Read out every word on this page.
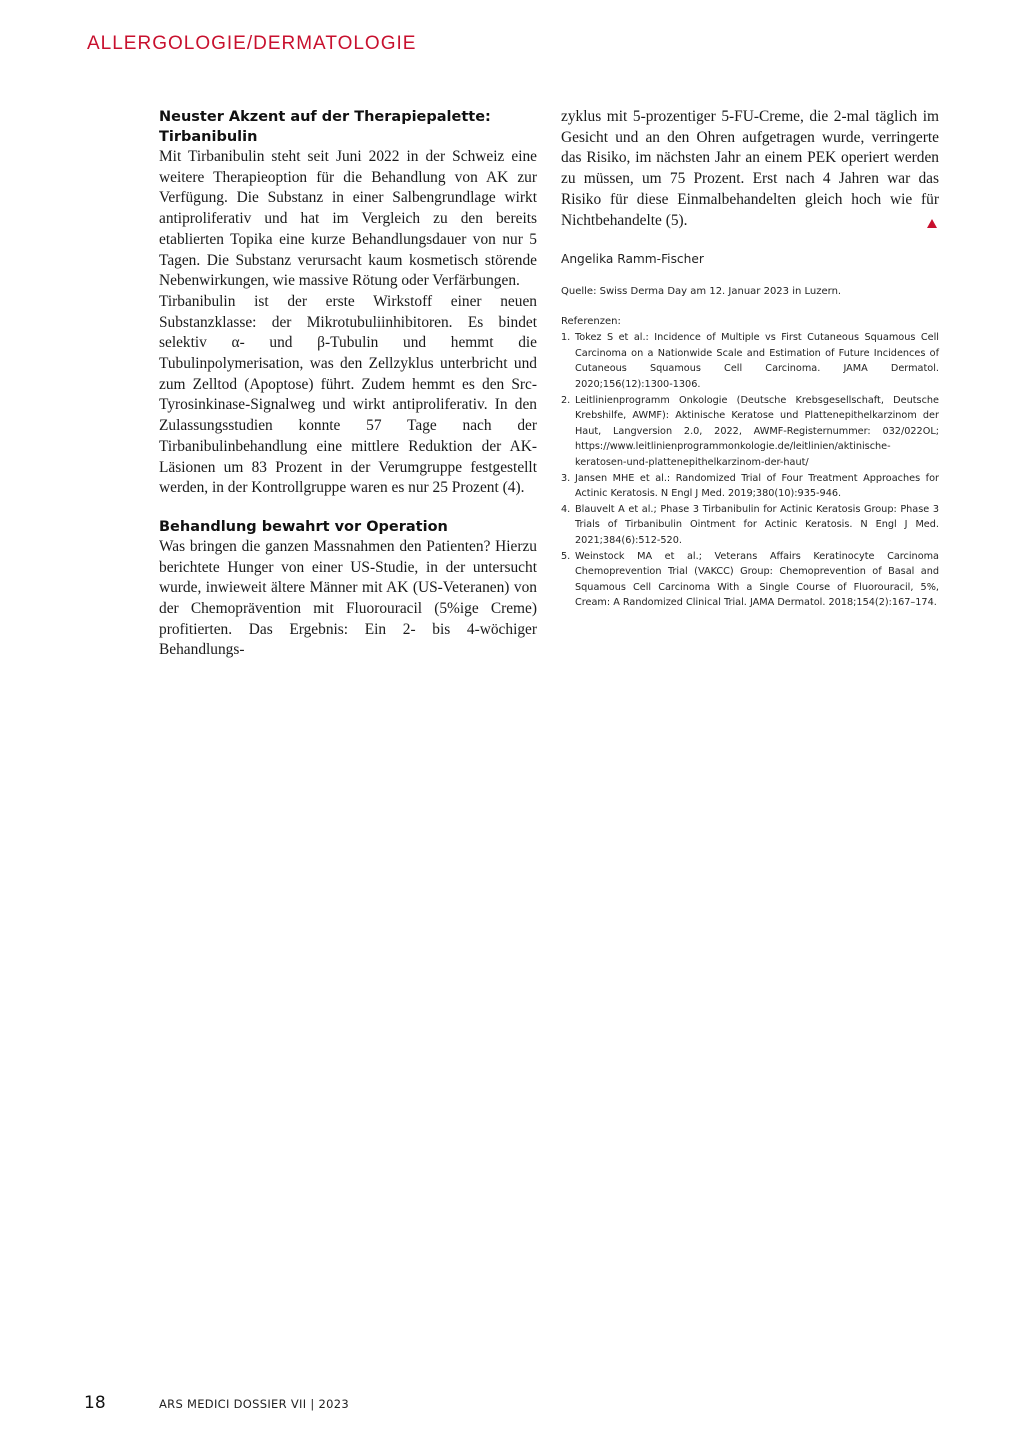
ALLERGOLOGIE/DERMATOLOGIE
Neuster Akzent auf der Therapiepalette: Tirbanibulin

Mit Tirbanibulin steht seit Juni 2022 in der Schweiz eine weitere Therapieoption für die Behandlung von AK zur Verfügung. Die Substanz in einer Salbengrundlage wirkt antiproliferativ und hat im Vergleich zu den bereits etablierten Topika eine kurze Behandlungsdauer von nur 5 Tagen. Die Substanz verursacht kaum kosmetisch störende Nebenwirkungen, wie massive Rötung oder Verfärbungen.

Tirbanibulin ist der erste Wirkstoff einer neuen Substanzklasse: der Mikrotubuliinhibitoren. Es bindet selektiv α- und β-Tubulin und hemmt die Tubulinpolymerisation, was den Zellzyklus unterbricht und zum Zelltod (Apoptose) führt. Zudem hemmt es den Src-Tyrosinkinase-Signalweg und wirkt antiproliferativ. In den Zulassungsstudien konnte 57 Tage nach der Tirbanibulinbehandlung eine mittlere Reduktion der AK-Läsionen um 83 Prozent in der Verumgruppe festgestellt werden, in der Kontrollgruppe waren es nur 25 Prozent (4).

Behandlung bewahrt vor Operation

Was bringen die ganzen Massnahmen den Patienten? Hierzu berichtete Hunger von einer US-Studie, in der untersucht wurde, inwieweit ältere Männer mit AK (US-Veteranen) von der Chemoprävention mit Fluorouracil (5%ige Creme) profitierten. Das Ergebnis: Ein 2- bis 4-wöchiger Behandlungs-

zyklus mit 5-prozentiger 5-FU-Creme, die 2-mal täglich im Gesicht und an den Ohren aufgetragen wurde, verringerte das Risiko, im nächsten Jahr an einem PEK operiert werden zu müssen, um 75 Prozent. Erst nach 4 Jahren war das Risiko für diese Einmalbehandelten gleich hoch wie für Nichtbehandelte (5).

Angelika Ramm-Fischer
Quelle: Swiss Derma Day am 12. Januar 2023 in Luzern.
Referenzen:
1. Tokez S et al.: Incidence of Multiple vs First Cutaneous Squamous Cell Carcinoma on a Nationwide Scale and Estimation of Future Incidences of Cutaneous Squamous Cell Carcinoma. JAMA Dermatol. 2020;156(12):1300-1306.
2. Leitlinienprogramm Onkologie (Deutsche Krebsgesellschaft, Deutsche Krebshilfe, AWMF): Aktinische Keratose und Plattenepithelkarzinom der Haut, Langversion 2.0, 2022, AWMF-Registernummer: 032/022OL; https://www.leitlinienprogrammonkologie.de/leitlinien/aktinische-keratosen-und-plattenepithelkarzinom-der-haut/
3. Jansen MHE et al.: Randomized Trial of Four Treatment Approaches for Actinic Keratosis. N Engl J Med. 2019;380(10):935-946.
4. Blauvelt A et al.; Phase 3 Tirbanibulin for Actinic Keratosis Group: Phase 3 Trials of Tirbanibulin Ointment for Actinic Keratosis. N Engl J Med. 2021;384(6):512-520.
5. Weinstock MA et al.; Veterans Affairs Keratinocyte Carcinoma Chemoprevention Trial (VAKCC) Group: Chemoprevention of Basal and Squamous Cell Carcinoma With a Single Course of Fluorouracil, 5%, Cream: A Randomized Clinical Trial. JAMA Dermatol. 2018;154(2):167–174.
18	ARS MEDICI DOSSIER VII | 2023
